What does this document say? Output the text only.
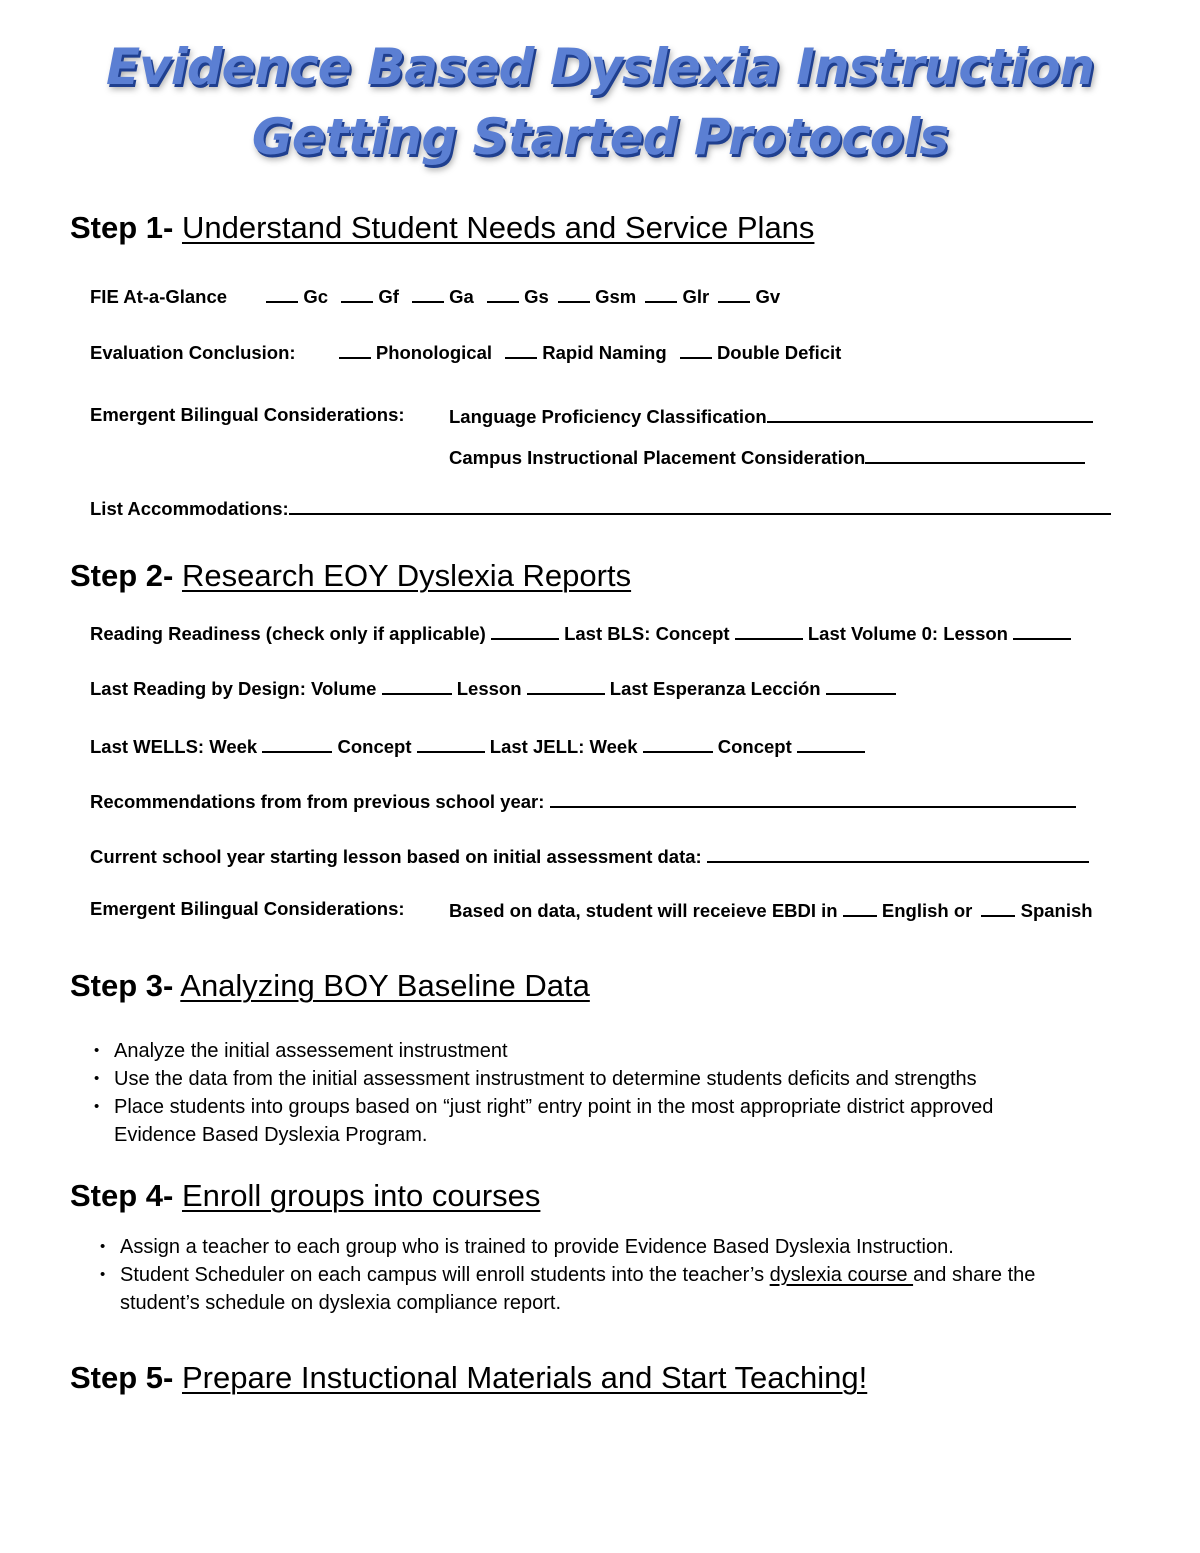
Evidence Based Dyslexia Instruction
Getting Started Protocols
Step 1- Understand Student Needs and Service Plans
FIE At-a-Glance	Gc	Gf	Ga	Gs	Gsm	Glr	Gv
Evaluation Conclusion:	Phonological	Rapid Naming	Double Deficit
Emergent Bilingual Considerations: Language Proficiency Classification
Campus Instructional Placement Consideration
List Accommodations:
Step 2- Research EOY Dyslexia Reports
Reading Readiness (check only if applicable)	Last BLS: Concept	Last Volume 0: Lesson
Last Reading by Design: Volume	Lesson	Last Esperanza Lección
Last WELLS: Week	Concept	Last JELL: Week	Concept
Recommendations from from previous school year:
Current school year starting lesson based on initial assessment data:
Emergent Bilingual Considerations: Based on data, student will receieve EBDI in English or	Spanish
Step 3- Analyzing BOY Baseline Data
• Analyze the initial assessement instrustment
• Use the data from the initial assessment instrustment to determine students deficits and strengths
• Place students into groups based on “just right” entry point in the most appropriate district approved
Evidence Based Dyslexia Program.
Step 4- Enroll groups into courses
• Assign a teacher to each group who is trained to provide Evidence Based Dyslexia Instruction.
• Student Scheduler on each campus will enroll students into the teacher’s dyslexia course and share the
student’s schedule on dyslexia compliance report.
Step 5- Prepare Instuctional Materials and Start Teaching!
